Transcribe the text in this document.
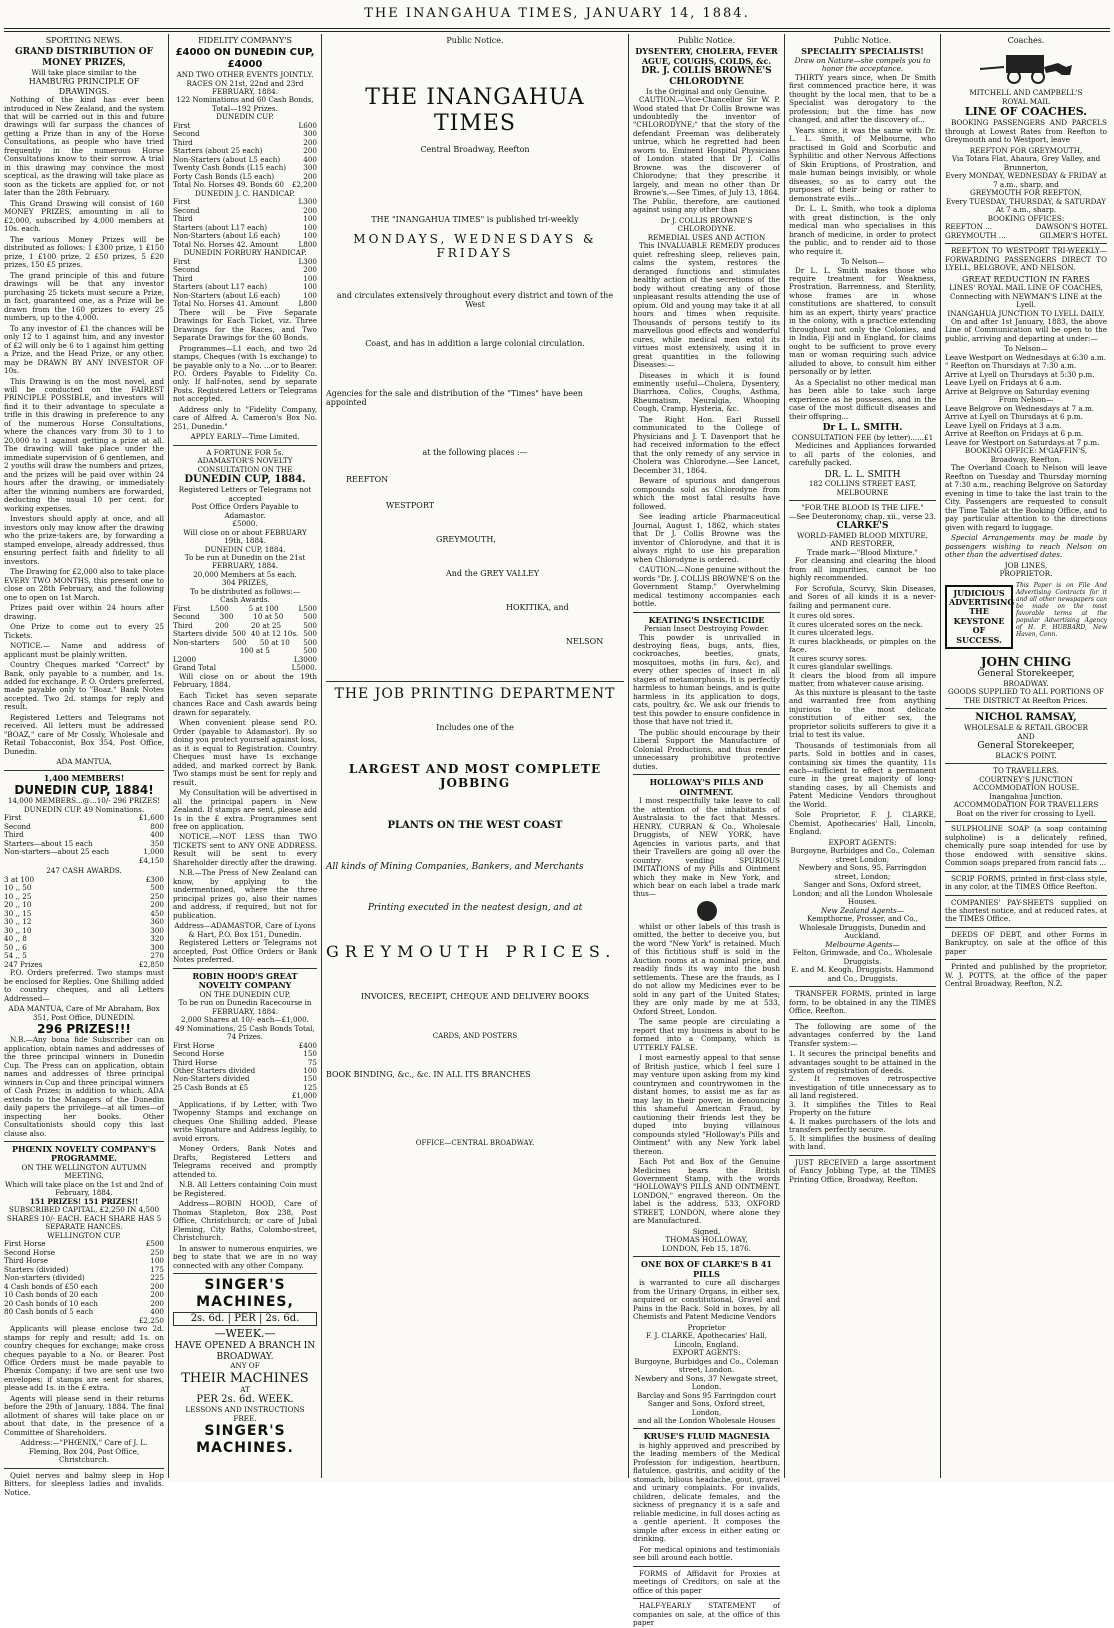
THE INANGAHUA TIMES, JANUARY 14, 1884.
SPORTING NEWS.
GRAND DISTRIBUTION OF MONEY PRIZES,
Will take place similar to the
HAMBURG PRINCIPLE OF DRAWINGS.

Nothing of the kind has ever been introduced in New Zealand, and the system that will be carried out in this and future drawings will far surpass the chances of getting a Prize than in any of the Horse Consultations, as people who have tried frequently in the numerous Horse Consultations know to their sorrow. A trial in this drawing may convince the most sceptical, as the drawing will take place as soon as the tickets are applied for, or not later than the 28th February.

This Grand Drawing will consist of 160 MONEY PRIZES, amounting in all to £2,000, subscribed by 4,000 members at 10s. each.

The various Money Prizes will be distributed as follows: 1 £300 prize, 1 £150 prize, 1 £100 prize, 2 £50 prizes, 5 £20 prizes, 150 £5 prizes.

The grand principle of this and future drawings will be that any investor purchasing 25 tickets must secure a Prize, in fact, guaranteed one, as a Prize will be drawn from the 160 prizes to every 25 numbers, up to the 4,000.

To any investor of £1 the chances will be only 12 to 1 against him, and any investor of £2 will only be 6 to 1 against him getting a Prize, and the Head Prize, or any other, may be DRAWN BY ANY INVESTOR OF 10s.

This Drawing is on the most novel, and will be conducted on the FAIREST PRINCIPLE POSSIBLE, and investors will find it to their advantage to speculate a trifle in this drawing in preference to any of the numerous Horse Consultations, where the chances vary from 30 to 1 to 20,000 to 1 against getting a prize at all. The drawing will take place under the immediate supervision of 6 gentlemen, and 2 youths will draw the numbers and prizes, and the prizes will be paid over within 24 hours after the drawing, or immediately after the winning numbers are forwarded, deducting the usual 10 per cent. for working expenses.

Investors should apply at once, and all investors only may know after the drawing who the prize-takers are, by forwarding a stamped envelope, already addressed, thus ensuring perfect faith and fidelity to all investors.

The Drawing for £2,000 also to take place EVERY TWO MONTHS, this present one to close on 28th February, and the following one to open on 1st March.

Prizes paid over within 24 hours after drawing.

One Prize to come out to every 25 Tickets.

NOTICE.— Name and address of applicant must be plainly written.

Country Cheques marked "Correct" by Bank, only payable to a number, and 1s. added for exchange. P. O. Orders preferred, made payable only to "Boaz." Bank Notes accepted. Two 2d. stamps for reply and result.

Registered Letters and Telegrams not received. All letters must be addressed "BOAZ," care of Mr Cossly, Wholesale and Retail Tobacconist, Box 354, Post Office, Dunedin.

ADA MANTUA,
1,400 MEMBERS!
DUNEDIN CUP, 1884!
14,000 MEMBERS...@...10/- 296 PRIZES!
DUNEDIN CUP. 49 Nominations.
First	£1,600
Second	800
Third	400
Starters—about 15 each	350
Non-starters—about 25 each	1,000
£4,150
247 CASH AWARDS.
3 at 100	£300
10 ,, 50	500
10 ,, 25	250
20 ,, 10	200
30 ,, 15	450
30 ,, 12	360
30 ,, 10	300
40 ,, 8	320
50 ,, 6	300
54 ,, 5	270
247 Prizes	£2,850

P.O. Orders preferred. Two stamps must be enclosed for Replies. One Shilling added to country cheques, and all Letters Addressed—

ADA MANTUA, Care of Mr Abraham, Box 351, Post Office, DUNEDIN.
296 PRIZES!!!

N.B.—Any bona fide Subscriber can on application, obtain names and addresses of the three principal winners in Dunedin Cup. The Press can on application, obtain names and addresses of three principal winners in Cup and three principal winners of Cash Prizes; in addition to which, ADA extends to the Managers of the Dunedin daily papers the privilege—at all times—of inspecting her books. Other Consultationists should copy this last clause also.

PHŒNIX NOVELTY COMPANY'S PROGRAMME.
ON THE WELLINGTON AUTUMN MEETING,
Which will take place on the 1st and 2nd of February, 1884.
151 PRIZES! 151 PRIZES!!
SUBSCRIBED CAPITAL, £2,250 IN 4,500 SHARES 10/- EACH. EACH SHARE HAS 5 SEPARATE HANCES.
WELLINGTON CUP.
First Horse	£500
Second Horse	250
Third Horse	100
Starters (divided)	175
Non-starters (divided)	225
4 Cash bonds of £50 each	200
10 Cash bonds of 20 each	200
20 Cash bonds of 10 each	200
80 Cash bonds of 5 each	400
£2,250

Applicants will please enclose two 2d. stamps for reply and result; add 1s. on country cheques for exchange; make cross cheques payable to a No. or Bearer. Post Office Orders must be made payable to Phœnix Company; if two are sent use two envelopes; if stamps are sent for shares, please add 1s. in the £ extra.

Agents will please send in their returns before the 29th of January, 1884. The final allotment of shares will take place on or about that date, in the presence of a Committee of Shareholders.

Address:—"PHŒNIX," Care of J. L. Fleming, Box 204, Post Office, Christchurch.

Quiet nerves and balmy sleep in Hop Bitters, for sleepless ladies and invalids. Notice.

FIDELITY COMPANY'S
£4000 ON DUNEDIN CUP, £4000
AND TWO OTHER EVENTS JOINTLY.
RACES ON 21st, 22nd and 23rd FEBRUARY, 1884.
122 Nominations and 60 Cash Bonds, Total—192 Prizes.
DUNEDIN CUP.
First	L600
Second	300
Third	200
Starters (about 25 each)	200
Non-Starters (about L5 each)	400
Twenty Cash Bonds (L15 each) 300
Forty Cash Bonds (L5 each)	200
Total No. Horses 49. Bonds 60 £2,200
DUNEDIN J. C. HANDICAP.
First	L300
Second	200
Third	100
Starters (about L17 each)	100
Non-Starters (about L6 each)	100
Total No. Horses 42. Amount	L800
DUNEDIN FORBURY HANDICAP.
First	L300
Second	200
Third	100
Starters (about L17 each)	100
Non-Starters (about L6 each)	100
Total No. Horses 41. Amount	L800

There will be Five Separate Drawings for Each Ticket, viz. Three Drawings for the Races, and Two Separate Drawings for the 60 Bonds.

Programmes—L1 each, and two 2d stamps, Cheques (with 1s exchange) to be payable only to a No. ...or to Bearer. P.O. Orders Payable to Fidelity Co. only. If half-notes, send by separate Posts. Registered Letters or Telegrams not accepted.

Address only to "Fidelity Company, care of Alfred A. Cameron's Box No. 251, Dunedin."

APPLY EARLY—Time Limited.
A FORTUNE FOR 5s.
ADAMASTOR'S NOVELTY CONSULTATION ON THE
DUNEDIN CUP, 1884.
Registered Letters or Telegrams not accepted
Post Office Orders Payable to Adamastor.
£5000.
Will close on or about FEBRUARY 19th, 1884.
DUNEDIN CUP, 1884.
To be run at Dunedin on the 21st FEBRUARY, 1884.
20,000 Members at 5s each.
304 PRIZES,
To be distributed as follows:—
Cash Awards.
First	L500	5 at 100	L500
Second	300	10 at 50	500
Third	200	20 at 25	500
Starters divide 500 40 at 12 10s. 500
Non-starters 500 50 at 10 500
100 at 5	500
L2000	L3000
Grand Total	L5000.

Will close on or about the 19th February, 1884.

Each Ticket has seven separate chances Race and Cash awards being drawn for separately.

When convenient please send P.O. Order (payable to Adamastor). By so doing you protect yourself against loss, as it is equal to Registration. Country Cheques must have 1s exchange added, and marked correct by Bank. Two stamps must be sent for reply and result.

My Consultation will be advertised in all the principal papers in New Zealand. If stamps are sent, please add 1s in the £ extra. Programmes sent free on application.

NOTICE.—NOT LESS than TWO TICKETS sent to ANY ONE ADDRESS. Result will be sent to every Shareholder directly after the drawing.

N.B.—The Press of New Zealand can know, by applying to the undermentioned, where the three principal prizes go, also their names and address, if required, but not for publication.

Address—ADAMASTOR, Care of Lyons & Hart, P.O. Box 151, Dunedin.

Registered Letters or Telegrams not accepted, Post Office Orders or Bank Notes preferred.

ROBIN HOOD'S GREAT NOVELTY COMPANY
ON THE DUNEDIN CUP,
To be run on Dunedin Racecourse in FEBRUARY, 1884.
2,000 Shares at 10/- each—£1,000.
49 Nominations, 25 Cash Bonds Total, 74 Prizes.
First Horse	£400
Second Horse	150
Third Horse	75
Other Starters divided	100
Non-Starters divided	150
25 Cash Bonds at £5	125
£1,000

Applications, if by Letter, with Two Twopenny Stamps and exchange on cheques One Shilling added. Please write Signature and Address legibly, to avoid errors.

Money Orders, Bank Notes and Drafts, Registered Letters and Telegrams received and promptly attended to.

N.B. All Letters containing Coin must be Registered.

Address—ROBIN HOOD, Care of Thomas Stapleton, Box 238, Post Office, Christchurch; or care of Jubal Fleming, City Baths, Colombo-street, Christchurch.

In answer to numerous enquiries, we beg to state that we are in no way connected with any other Company.

SINGER'S MACHINES,
2s. 6d. | PER | 2s. 6d.
—WEEK.—
HAVE OPENED A BRANCH IN BROADWAY.
ANY OF
THEIR MACHINES
AT
PER 2s. 6d. WEEK.
LESSONS AND INSTRUCTIONS FREE.
SINGER'S MACHINES.
Public Notice.
THE INANGAHUA TIMES
Central Broadway, Reefton
THE "INANGAHUA TIMES" is published tri-weekly
MONDAYS, WEDNESDAYS & FRIDAYS
and circulates extensively throughout every district and town of the West
Coast, and has in addition a large colonial circulation.
Agencies for the sale and distribution of the "Times" have been appointed
at the following places :—
REEFTON
WESTPORT
GREYMOUTH,
And the GREY VALLEY
HOKITIKA, and
NELSON
THE JOB PRINTING DEPARTMENT
Includes one of the
LARGEST AND MOST COMPLETE JOBBING
PLANTS ON THE WEST COAST
All kinds of Mining Companies, Bankers, and Merchants
Printing executed in the neatest design, and at
GREYMOUTH PRICES.
INVOICES, RECEIPT, CHEQUE AND DELIVERY BOOKS
CARDS, AND POSTERS
BOOK BINDING, &c., &c. IN ALL ITS BRANCHES
OFFICE—CENTRAL BROADWAY.
Public Notice.
DYSENTERY, CHOLERA, FEVER AGUE, COUGHS, COLDS, &c.
DR. J. COLLIS BROWNE'S CHLORODYNE
Is the Original and only Genuine.

CAUTION.—Vice-Chancellor Sir W. P. Wood stated that Dr Collis Browne was undoubtedly the inventor of "CHLORODYNE;" that the story of the defendant Freeman was deliberately untrue, which he regretted had been sworn to. Eminent Hospital Physicians of London stated that Dr J. Collis Browne was the discoverer of Chlorodyne; that they prescribe it largely, and mean no other than Dr Browne's.—See Times, of July 13, 1864. The Public, therefore, are cautioned against using any other than

Dr J. COLLIS BROWNE'S CHLORODYNE.
REMEDIAL USES AND ACTION

This INVALUABLE REMEDY produces quiet refreshing sleep, relieves pain, calms the system, restores the deranged functions and stimulates healthy action of the secretions of the body without creating any of those unpleasant results attending the use of opium. Old and young may take it at all hours and times when requisite. Thousands of persons testify to its marvellous good effects and wonderful cures, while medical men extol its virtues most extensively, using it in great quantities in the following Diseases:—

Diseases in which it is found eminently useful—Cholera, Dysentery, Diarrhœa, Colics, Coughs, Asthma, Rheumatism, Neuralgia, Whooping Cough, Cramp, Hysteria, &c.

The Right Hon. Earl Russell communicated to the College of Physicians and J. T. Davenport that he had received information to the effect that the only remedy of any service in Cholera was Chlorodyne.—See Lancet, December 31, 1864.

Beware of spurious and dangerous compounds sold as Chlorodyne from which the most fatal results have followed.

See leading article Pharmaceutical Journal, August 1, 1862, which states that Dr J. Collis Browne was the inventor of Chlorodyne, and that it is always right to use his preparation when Chlorodyne is ordered.

CAUTION.—None genuine without the words "Dr. J. COLLIS BROWNE'S on the Government Stamp." Overwhelming medical testimony accompanies each bottle.

KEATING'S INSECTICIDE
Persian Insect Destroying Powder.

This powder is unrivalled in destroying fleas, bugs, ants, flies, cockroaches, beetles, gnats, mosquitoes, moths (in furs, &c), and every other species of insect in all stages of metamorphosis. It is perfectly harmless to human beings, and is quite harmless in its application to dogs, cats, poultry, &c. We ask our friends to test this powder to ensure confidence in those that have not tried it.

The public should encourage by their Liberal Support the Manufacture of Colonial Productions, and thus render unnecessary prohibitive protective duties.

HOLLOWAY'S PILLS AND OINTMENT.

I most respectfully take leave to call the attention of the inhabitants of Australasia to the fact that Messrs. HENRY, CURRAN & Co., Wholesale Druggists, of NEW YORK, have Agencies in various parts, and that their Travellers are going all over the country vending SPURIOUS IMITATIONS of my Pills and Ointment which they make in New York, and which bear on each label a trade mark thus—

whilst or other labels of this trash is omitted, the better to deceive you, but the word "New York" is retained. Much of this fictitious stuff is sold in the Auction rooms at a nominal price, and readily finds its way into the bush settlements. These are the frauds, as I do not allow my Medicines ever to be sold in any part of the United States; they are only made by me at 533, Oxford Street, London.

The same people are circulating a report that my business is about to be formed into a Company, which is UTTERLY FALSE.

I most earnestly appeal to that sense of British justice, which I feel sure I may venture upon asking from my kind countrymen and countrywomen in the distant homes, to assist me as far as may lay in their power, in denouncing this shameful American Fraud, by cautioning their friends lest they be duped into buying villainous compounds styled "Holloway's Pills and Ointment" with any New York label thereon.

Each Pot and Box of the Genuine Medicines bears the British Government Stamp, with the words "HOLLOWAY'S PILLS AND OINTMENT, LONDON," engraved thereon. On the label is the address, 533, OXFORD STREET, LONDON, where alone they are Manufactured.

Signed,
THOMAS HOLLOWAY,
LONDON, Feb 15, 1876.
ONE BOX OF CLARKE'S B 41 PILLS

is warranted to cure all discharges from the Urinary Organs, in either sex, acquired or constitutional, Gravel and Pains in the Back. Sold in boxes, by all Chemists and Patent Medicine Vendors

Proprietor
F. J. CLARKE, Apothecaries' Hall, Lincoln, England.
EXPORT AGENTS:
Burgoyne, Burbidges and Co., Coleman street, London.
Newbery and Sons, 37 Newgate street, London.
Barclay and Sons 95 Farringdon court
Sanger and Sons, Oxford street, London,
and all the London Wholesale Houses
KRUSE'S FLUID MAGNESIA

is highly approved and prescribed by the leading members of the Medical Profession for indigestion, heartburn, flatulence, gastritis, and acidity of the stomach, bilious headache, gout, gravel and urinary complaints. For invalids, children, delicate females, and the sickness of pregnancy it is a safe and reliable medicine, in full doses acting as a gentle aperient. It composes the simple after excess in either eating or drinking.

For medical opinions and testimonials see bill around each bottle.

FORMS of Affidavit for Proxies at meetings of Creditors, on sale at the office of this paper

HALF-YEARLY STATEMENT of companies on sale, at the office of this paper

Public Notice.
SPECIALITY SPECIALISTS!
Draw on Nature—she compels you to honor the acceptance.

THIRTY years since, when Dr Smith first commenced practice here, it was thought by the local men, that to be a Specialist was derogatory to the profession; but the time has now changed, and after the discovery of...

Years since, it was the same with Dr. L. L. Smith, of Melbourne, who practised in Gold and Scorbutic and Syphilitic and other Nervous Affections of Skin Eruptions, of Prostration, and male human beings invisibly, or whole diseases, so as to carry out the purposes of their being or rather to demonstrate evils...

Dr. L. L. Smith, who took a diploma with great distinction, is the only medical man who specialises in this branch of medicine, in order to protect the public, and to render aid to those who require it.

To Nelson—

Dr L. L. Smith makes those who require treatment for Weakness, Prostration, Barrenness, and Sterility, whose frames are in whose constitutions are shattered, to consult him as an expert, thirty years' practice in the colony, with a practice extending throughout not only the Colonies, and in India, Fiji and in England, for claims ought to be sufficient to prove every man or woman requiring such advice alluded to above, to consult him either personally or by letter.

As a Specialist no other medical man has been able to take such large experience as he possesses, and in the case of the most difficult diseases and their offspring...

Dr L. L. SMITH.
CONSULTATION FEE (by letter)......£1

Medicines and Appliances forwarded to all parts of the colonies, and carefully packed.

DR. L. L. SMITH
182 COLLINS STREET EAST, MELBOURNE
"FOR THE BLOOD IS THE LIFE."
—See Deuteronomy, chap. xii., verse 23.
CLARKE'S
WORLD-FAMED BLOOD MIXTURE, AND RESTORER,
Trade mark—"Blood Mixture."

For cleansing and clearing the blood from all impurities, cannot be too highly recommended.

For Scrofula, Scurvy, Skin Diseases, and Sores of all kinds it is a never-failing and permanent cure.

It cures old sores.
It cures ulcerated sores on the neck.
It cures ulcerated legs.
It cures blackheads, or pimples on the face.
It cures scurvy sores.
It cures glandular swellings.
It clears the blood from all impure matter, from whatever cause arising.

As this mixture is pleasant to the taste and warranted free from anything injurious to the most delicate constitution of either sex, the proprietor solicits sufferers to give it a trial to test its value.

Thousands of testimonials from all parts. Sold in bottles and in cases, containing six times the quantity, 11s each—sufficient to effect a permanent cure in the great majority of long-standing cases, by all Chemists and Patent Medicine Vendors throughout the World.

Sole Proprietor, F. J. CLARKE, Chemist, Apothecaries' Hall, Lincoln, England.

EXPORT AGENTS:
Burgoyne, Burbidges and Co., Coleman street London;
Newbery and Sons, 95, Farringdon street, London;
Sanger and Sons, Oxford street, London; and all the London Wholesale Houses.
New Zealand Agents—
Kempthorne, Prosser, and Co., Wholesale Druggists, Dunedin and Auckland.
Melbourne Agents—
Felton, Grimwade, and Co., Wholesale Druggists.
E. and M. Keogh, Druggists. Hammond and Co., Druggists.

TRANSFER FORMS, printed in large form, to be obtained in any the TIMES Office, Reefton.

The following are some of the advantages conferred by the Land Transfer system:—

1. It secures the principal benefits and advantages sought to be attained in the system of registration of deeds.
2. It removes retrospective investigation of title unnecessary as to all land registered.
3. It simplifies the Titles to Real Property on the future
4. It makes purchasers of the lots and transfers perfectly secure.
5. It simplifies the business of dealing with land.

JUST RECEIVED a large assortment of Fancy Jobbing Type, at the TIMES Printing Office, Broadway, Reefton.

Coaches.
MITCHELL AND CAMPBELL'S
ROYAL MAIL
LINE OF COACHES.

BOOKING PASSENGERS AND PARCELS through at Lowest Rates from Reefton to Greymouth and to Westport, leave

REEFTON FOR GREYMOUTH,
Via Totara Flat, Ahaura, Grey Valley, and Brunnerton,
Every MONDAY, WEDNESDAY & FRIDAY at 7 a.m., sharp, and
GREYMOUTH FOR REEFTON,
Every TUESDAY, THURSDAY, & SATURDAY At 7 a.m., sharp.
BOOKING OFFICES:
REEFTON ...	DAWSON'S HOTEL
GREYMOUTH ...	GILMER'S HOTEL

REEFTON TO WESTPORT TRI-WEEKLY—FORWARDING PASSENGERS DIRECT TO LYELL, BELGROVE, AND NELSON.

GREAT REDUCTION IN FARES
LINES' ROYAL MAIL LINE OF COACHES, Connecting with NEWMAN'S LINE at the Lyell.
INANGAHUA JUNCTION TO LYELL DAILY.

On and after 1st January, 1883, the above Line of Communication will be open to the public, arriving and departing at under:—

To Nelson—
Leave Westport on Wednesdays at 6:30 a.m.
" Reefton on Thursdays at 7:30 a.m.
Arrive at Lyell on Thursdays at 5:30 p.m.
Leave Lyell on Fridays at 6 a.m.
Arrive at Belgrove on Saturday evening
From Nelson—
Leave Belgrove on Wednesdays at 7 a.m.
Arrive at Lyell on Thursdays at 6 p.m.
Leave Lyell on Fridays at 3 a.m.
Arrive at Reefton on Fridays at 6 p.m.
Leave for Westport on Saturdays at 7 p.m.
BOOKING OFFICE: M'GAFFIN'S, Broadway, Reefton.

The Overland Coach to Nelson will leave Reefton on Tuesday and Thursday morning at 7:30 a.m., reaching Belgrove on Saturday evening in time to take the last train to the City. Passengers are requested to consult the Time Table at the Booking Office, and to pay particular attention to the directions given with regard to luggage.

Special Arrangements may be made by passengers wishing to reach Nelson on other than the advertised dates.

JOB LINES,
PROPRIETOR.
JUDICIOUS ADVERTISING THE KEYSTONE OF SUCCESS.
This Paper is on File And Advertising Contracts for it and all other newspapers can be made on the most favorable terms at the popular Advertising Agency of H. P. HUBBARD, New Haven, Conn.
JOHN CHING
General Storekeeper,
BROADWAY.
GOODS SUPPLIED TO ALL PORTIONS OF THE DISTRICT At Reefton Prices.
NICHOL RAMSAY,
WHOLESALE & RETAIL GROCER
AND
General Storekeeper,
BLACK'S POINT.
TO TRAVELLERS.
COURTNEY'S JUNCTION ACCOMMODATION HOUSE.
Inangahua Junction.
ACCOMMODATION FOR TRAVELLERS
Boat on the river for crossing to Lyell.

SULPHOLINE SOAP (a soap containing sulpholine) is a delicately refined, chemically pure soap intended for use by those endowed with sensitive skins. Common soaps prepared from rancid fats ...

SCRIP FORMS, printed in first-class style, in any color, at the TIMES Office Reefton.

COMPANIES' PAY-SHEETS supplied on the shortest notice, and at reduced rates, at the TIMES Office.

DEEDS OF DEBT, and other Forms in Bankruptcy, on sale at the office of this paper

Printed and published by the proprietor, W. J. POTTS, at the office of the paper Central Broadway, Reefton, N.Z.
